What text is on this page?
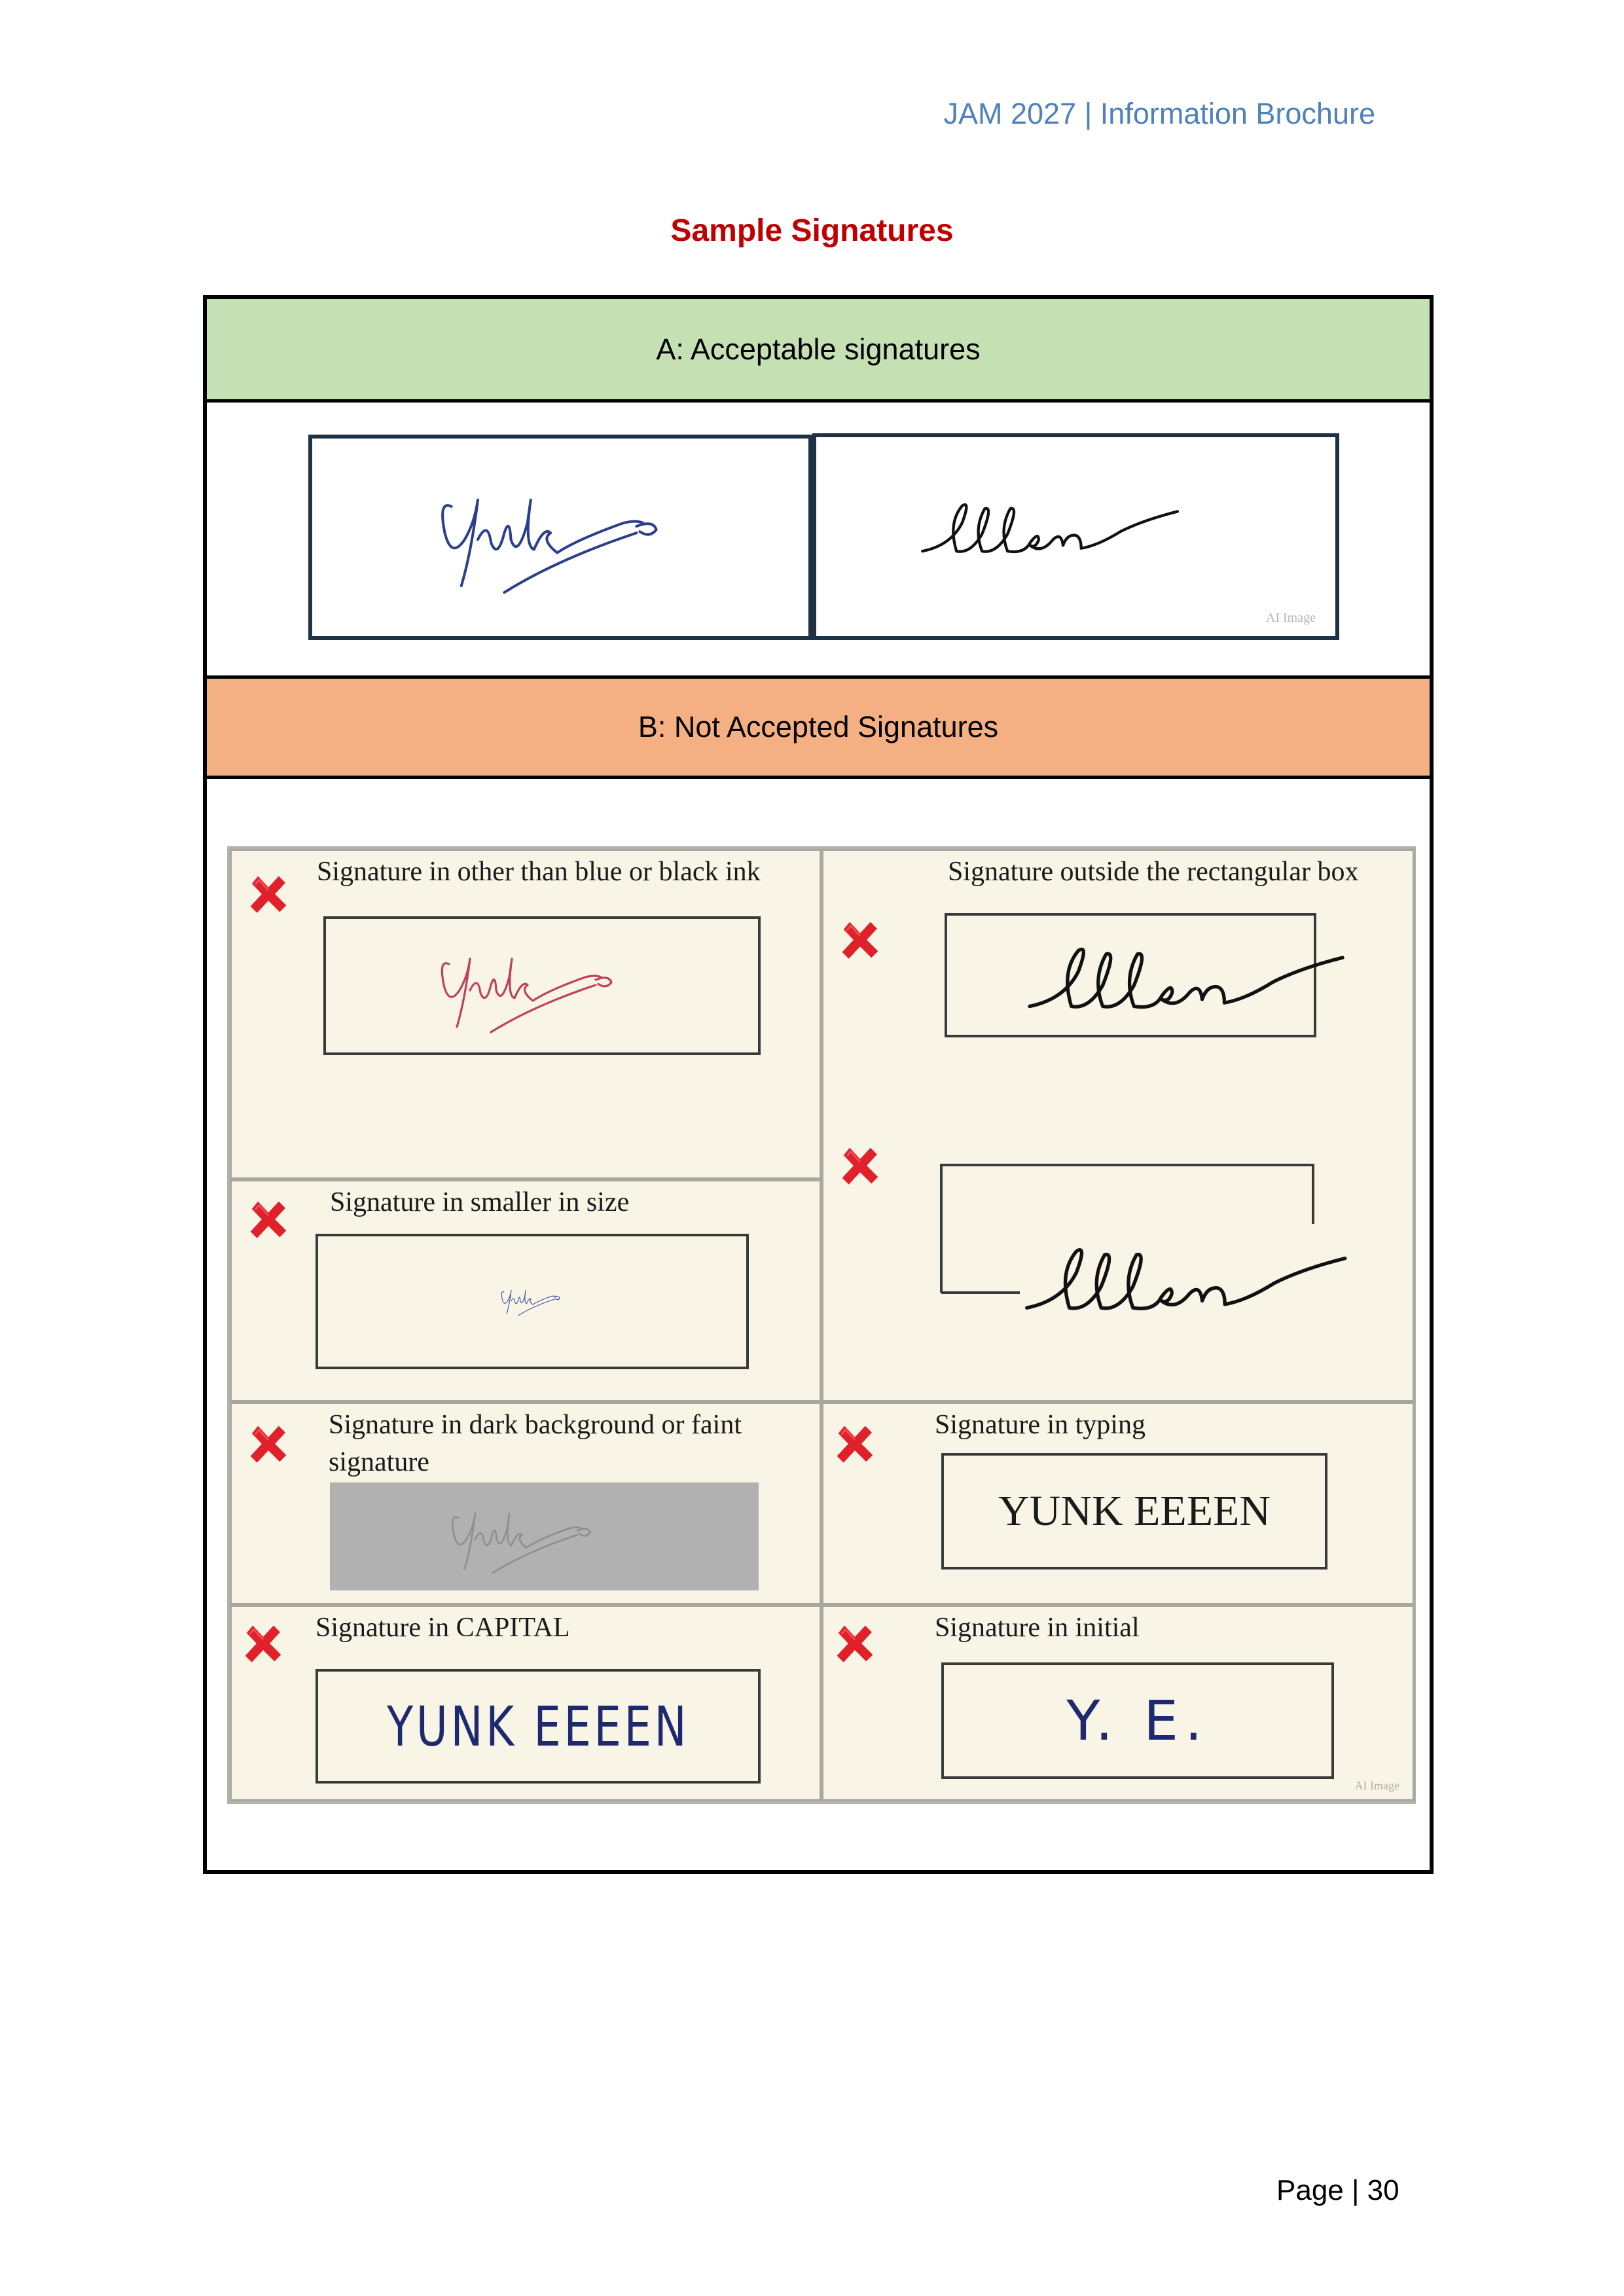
JAM 2027 | Information Brochure
Sample Signatures
A: Acceptable signatures
AI Image
B: Not Accepted Signatures
Signature in other than blue or black ink	Signature outside the rectangular box
Signature in smaller in size
Signature in dark background or faint signature
Signature in typing
YUNK EEEEN
Signature in CAPITAL
YUNK EEEEN
Signature in initial
Y. E.
AI Image
Page | 30
